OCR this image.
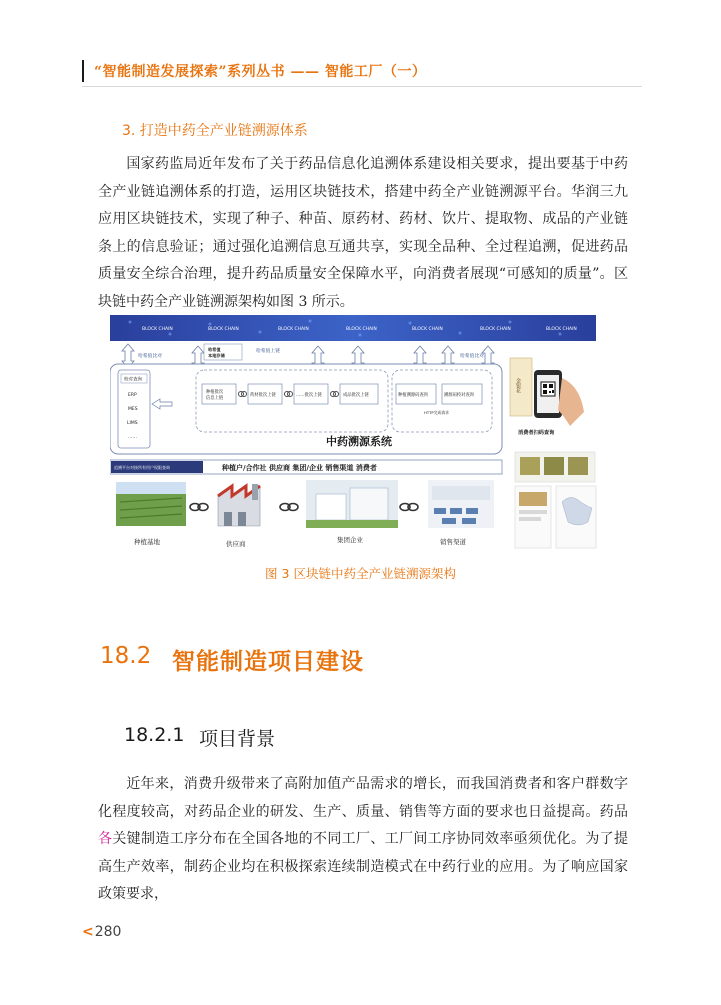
“智能制造发展探索”系列丛书 —— 智能工厂（一）
3. 打造中药全产业链溯源体系
国家药监局近年发布了关于药品信息化追溯体系建设相关要求，提出要基于中药全产业链追溯体系的打造，运用区块链技术，搭建中药全产业链溯源平台。华润三九应用区块链技术，实现了种子、种苗、原药材、药材、饮片、提取物、成品的产业链条上的信息验证；通过强化追溯信息互通共享，实现全品种、全过程追溯，促进药品质量安全综合治理，提升药品质量安全保障水平，向消费者展现“可感知的质量”。区块链中药全产业链溯源架构如图 3 所示。
BLOCK CHAIN	BLOCK CHAIN	BLOCK CHAIN	BLOCK CHAIN	BLOCK CHAIN	BLOCK CHAIN	BLOCK CHAIN
哈希值比对
哈希值上链
哈希值比对
哈希值
本地存储
校对查询
ERP
MES
LIMS
……
种植批次
信息上链
药材批次上链	……批次上链	成品批次上链	种植溯源码查询	溯源码校对查询
HTTP完成请求
中药溯源系统
金银花
消费者扫码查询
追溯平台对接所有用户权限查询	种植户/合作社 供应商 集团/企业 销售渠道 消费者
种植基地	供应商	集团企业	销售渠道
图 3 区块链中药全产业链溯源架构
18.2 智能制造项目建设
18.2.1 项目背景
近年来，消费升级带来了高附加值产品需求的增长，而我国消费者和客户群数字化程度较高，对药品企业的研发、生产、质量、销售等方面的要求也日益提高。药品各关键制造工序分布在全国各地的不同工厂、工厂间工序协同效率亟须优化。为了提高生产效率，制药企业均在积极探索连续制造模式在中药行业的应用。为了响应国家政策要求，
<280
